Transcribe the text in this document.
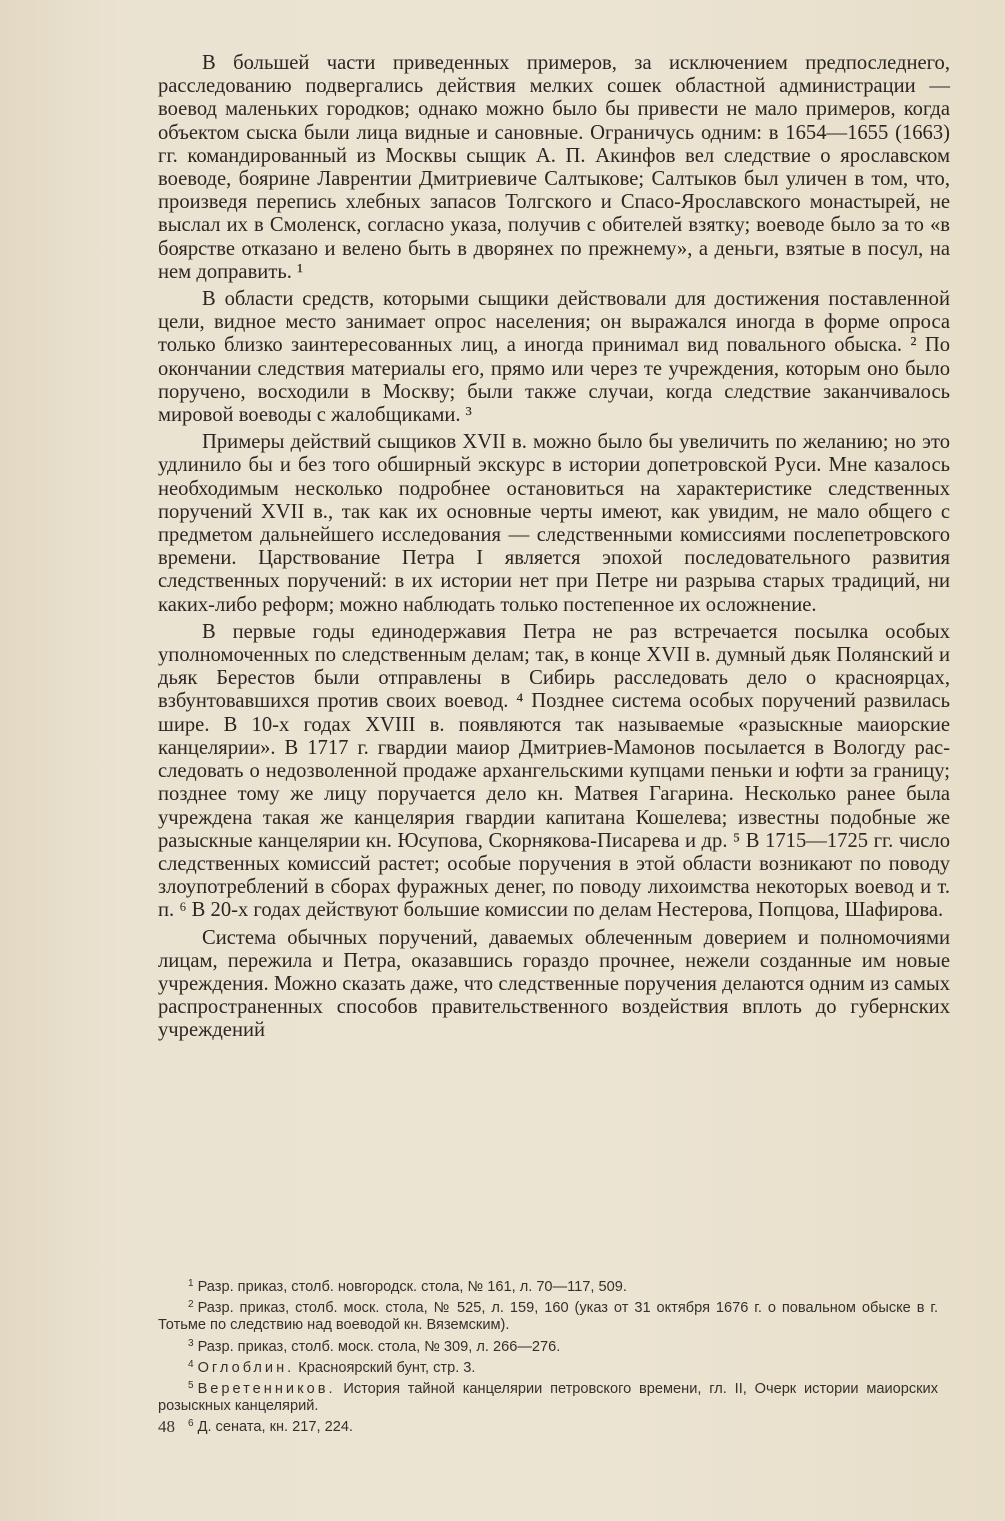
В большей части приведенных примеров, за исключением предпоследнего, расследованию подвергались действия мелких сошек областной администрации — воевод маленьких городков; однако можно было бы привести не мало примеров, когда объектом сыска были лица видные и сановные. Ограничусь одним: в 1654—1655 (1663) гг. командированный из Москвы сыщик А. П. Акинфов вел следствие о ярославском воеводе, боярине Лаврентии Дмитриевиче Салтыкове; Салтыков был уличен в том, что, произведя перепись хлебных запасов Толгского и Спасо-Ярославского монастырей, не выслал их в Смоленск, согласно указа, получив с обителей взятку; воеводе было за то «в боярстве отказано и велено быть в дворянех по прежнему», а деньги, взятые в посул, на нем доправить. ¹

В области средств, которыми сыщики действовали для достижения поставленной цели, видное место занимает опрос населения; он выражался иногда в форме опроса только близко заинтересованных лиц, а иногда принимал вид повального обыска. ² По окончании следствия материалы его, прямо или через те учреждения, которым оно было поручено, восходили в Москву; были также случаи, когда следствие заканчивалось мировой воеводы с жалобщиками. ³

Примеры действий сыщиков XVII в. можно было бы увеличить по желанию; но это удлинило бы и без того обширный экскурс в истории допетровской Руси. Мне казалось необходимым несколько подробнее остановиться на характеристике следственных поручений XVII в., так как их основные черты имеют, как увидим, не мало общего с предметом дальнейшего исследования — следственными комиссиями послепетровского времени. Царствование Петра I является эпохой последовательного развития следственных поручений: в их истории нет при Петре ни разрыва старых традиций, ни каких-либо реформ; можно наблюдать только постепенное их осложнение.

В первые годы единодержавия Петра не раз встречается посылка особых уполномоченных по следственным делам; так, в конце XVII в. думный дьяк Полянский и дьяк Берестов были отправлены в Сибирь расследовать дело о красноярцах, взбунтовавшихся против своих воевод. ⁴ Позднее система особых поручений развилась шире. В 10-х годах XVIII в. появляются так называемые «разыскные маиорские канцелярии». В 1717 г. гвардии маиор Дмитриев-Мамонов посылается в Вологду расследовать о недозволенной продаже архангельскими купцами пеньки и юфти за границу; позднее тому же лицу поручается дело кн. Матвея Гагарина. Несколько ранее была учреждена такая же канцелярия гвардии капитана Кошелева; известны подобные же разыскные канцелярии кн. Юсупова, Скорнякова-Писарева и др. ⁵ В 1715—1725 гг. число следственных комиссий растет; особые поручения в этой области возникают по поводу злоупотреблений в сборах фуражных денег, по поводу лихоимства некоторых воевод и т. п. ⁶ В 20-х годах действуют большие комиссии по делам Нестерова, Попцова, Шафирова.

Система обычных поручений, даваемых облеченным доверием и полномочиями лицам, пережила и Петра, оказавшись гораздо прочнее, нежели созданные им новые учреждения. Можно сказать даже, что следственные поручения делаются одним из самых распространенных способов правительственного воздействия вплоть до губернских учреждений

$^1$ Разр. приказ, столб. новгородск. стола, № 161, л. 70—117, 509.

$^2$ Разр. приказ, столб. моск. стола, № 525, л. 159, 160 (указ от 31 октября 1676 г. о повальном обыске в г. Тотьме по следствию над воеводой кн. Вяземским).

$^3$ Разр. приказ, столб. моск. стола, № 309, л. 266—276.

$^4$ Оглоблин. Красноярский бунт, стр. 3.

$^5$ Веретенников. История тайной канцелярии петровского времени, гл. II, Очерк истории маиорских розыскных канцелярий.

$^6$ Д. сената, кн. 217, 224.

48
